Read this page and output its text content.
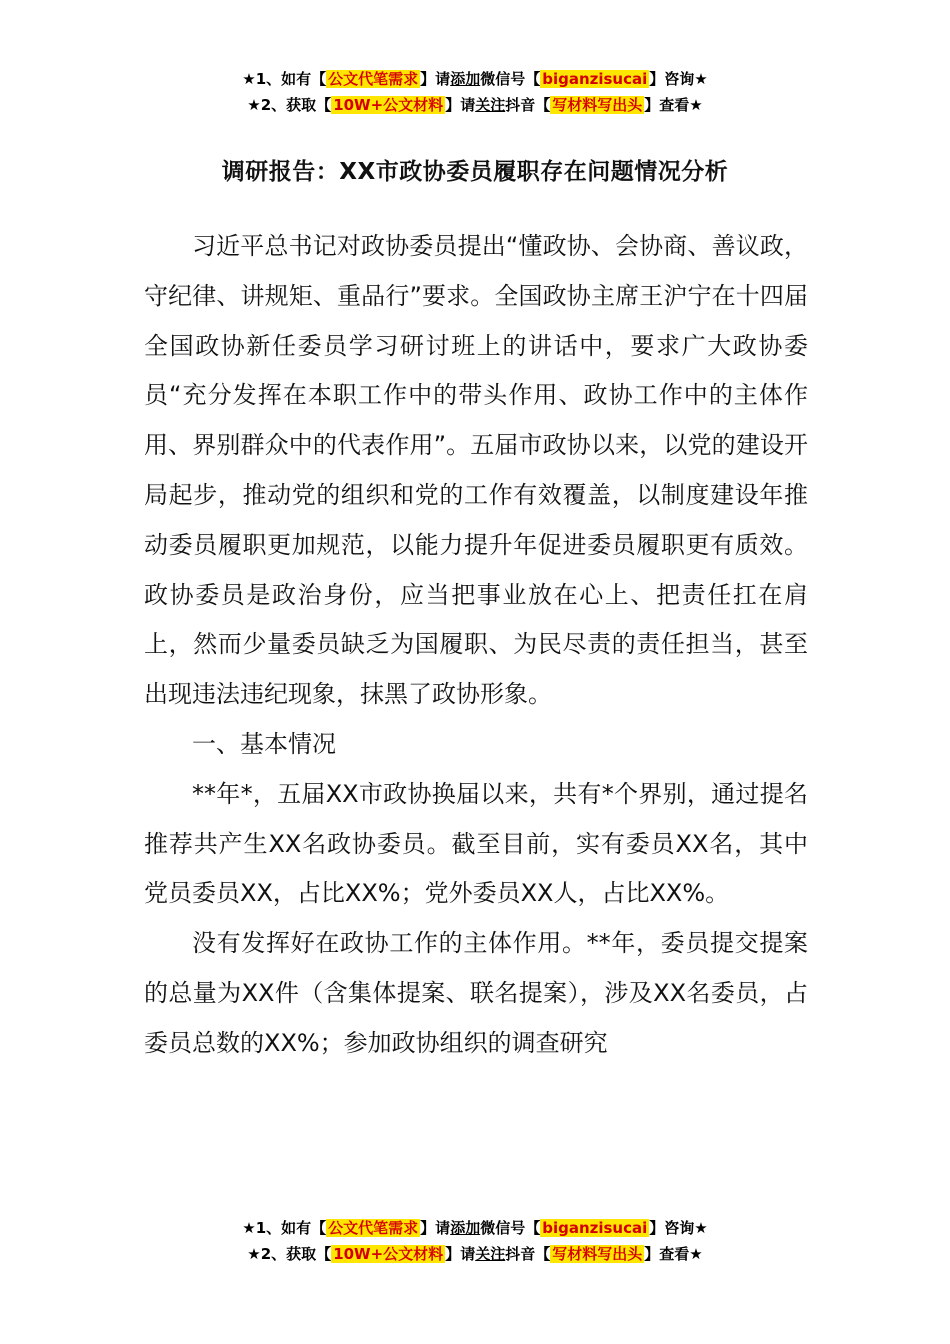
★1、如有【 公文代笔需求 】请添加微信号【 biganzisucai 】咨询★
★2、获取【 10W+公文材料 】请关注抖音【 写材料写出头 】查看★
调研报告：XX市政协委员履职存在问题情况分析

习近平总书记对政协委员提出“懂政协、会协商、善议政，守纪律、讲规矩、重品行”要求。全国政协主席王沪宁在十四届全国政协新任委员学习研讨班上的讲话中，要求广大政协委员“充分发挥在本职工作中的带头作用、政协工作中的主体作用、界别群众中的代表作用”。五届市政协以来，以党的建设开局起步，推动党的组织和党的工作有效覆盖，以制度建设年推动委员履职更加规范，以能力提升年促进委员履职更有质效。政协委员是政治身份，应当把事业放在心上、把责任扛在肩上，然而少量委员缺乏为国履职、为民尽责的责任担当，甚至出现违法违纪现象，抹黑了政协形象。

一、基本情况

**年*，五届XX市政协换届以来，共有*个界别，通过提名推荐共产生XX名政协委员。截至目前，实有委员XX名，其中党员委员XX，占比XX%；党外委员XX人，占比XX%。

没有发挥好在政协工作的主体作用。**年，委员提交提案的总量为XX件（含集体提案、联名提案），涉及XX名委员，占委员总数的XX%；参加政协组织的调查研究

★1、如有【 公文代笔需求 】请添加微信号【 biganzisucai 】咨询★
★2、获取【 10W+公文材料 】请关注抖音【 写材料写出头 】查看★
